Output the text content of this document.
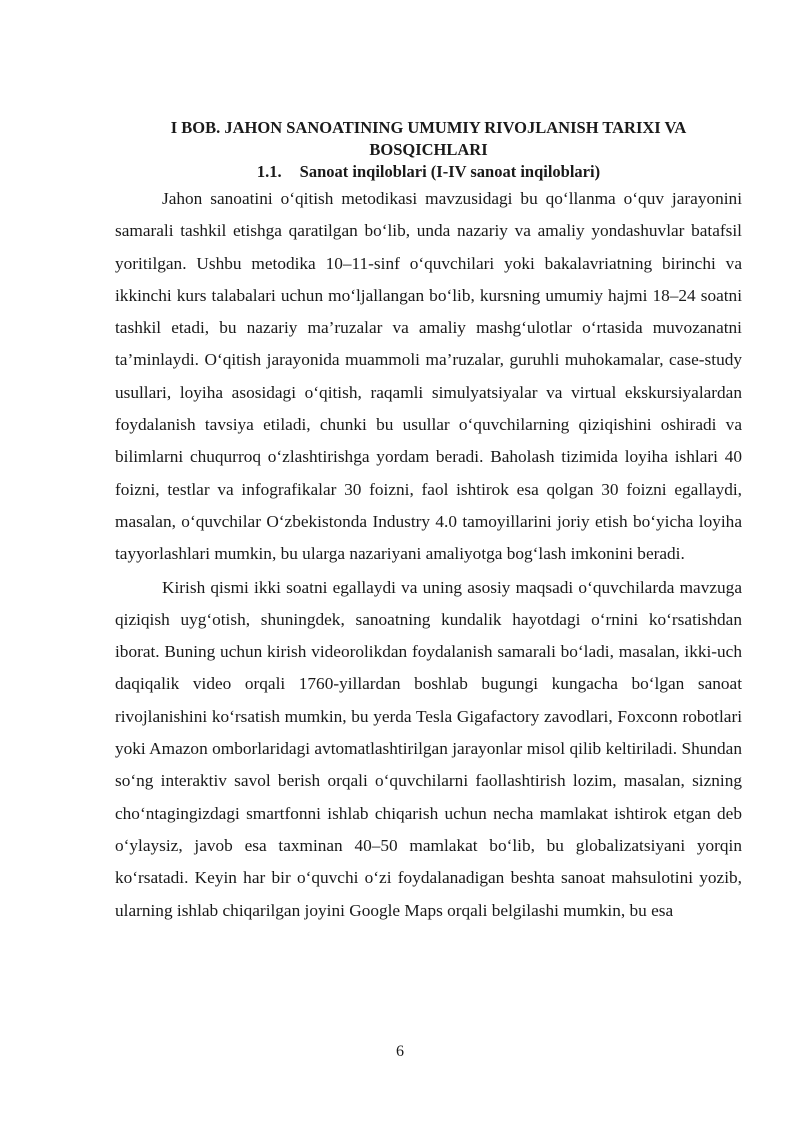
I BOB. JAHON SANOATINING UMUMIY RIVOJLANISH TARIXI VA BOSQICHLARI
1.1. Sanoat inqiloblari (I-IV sanoat inqiloblari)

Jahon sanoatini o‘qitish metodikasi mavzusidagi bu qo‘llanma o‘quv jarayonini samarali tashkil etishga qaratilgan bo‘lib, unda nazariy va amaliy yondashuvlar batafsil yoritilgan. Ushbu metodika 10–11-sinf o‘quvchilari yoki bakalavriatning birinchi va ikkinchi kurs talabalari uchun mo‘ljallangan bo‘lib, kursning umumiy hajmi 18–24 soatni tashkil etadi, bu nazariy ma’ruzalar va amaliy mashg‘ulotlar o‘rtasida muvozanatni ta’minlaydi. O‘qitish jarayonida muammoli ma’ruzalar, guruhli muhokamalar, case-study usullari, loyiha asosidagi o‘qitish, raqamli simulyatsiyalar va virtual ekskursiyalardan foydalanish tavsiya etiladi, chunki bu usullar o‘quvchilarning qiziqishini oshiradi va bilimlarni chuqurroq o‘zlashtirishga yordam beradi. Baholash tizimida loyiha ishlari 40 foizni, testlar va infografikalar 30 foizni, faol ishtirok esa qolgan 30 foizni egallaydi, masalan, o‘quvchilar O‘zbekistonda Industry 4.0 tamoyillarini joriy etish bo‘yicha loyiha tayyorlashlari mumkin, bu ularga nazariyani amaliyotga bog‘lash imkonini beradi.

Kirish qismi ikki soatni egallaydi va uning asosiy maqsadi o‘quvchilarda mavzuga qiziqish uyg‘otish, shuningdek, sanoatning kundalik hayotdagi o‘rnini ko‘rsatishdan iborat. Buning uchun kirish videorolikdan foydalanish samarali bo‘ladi, masalan, ikki-uch daqiqalik video orqali 1760-yillardan boshlab bugungi kungacha bo‘lgan sanoat rivojlanishini ko‘rsatish mumkin, bu yerda Tesla Gigafactory zavodlari, Foxconn robotlari yoki Amazon omborlaridagi avtomatlashtirilgan jarayonlar misol qilib keltiriladi. Shundan so‘ng interaktiv savol berish orqali o‘quvchilarni faollashtirish lozim, masalan, sizning cho‘ntagingizdagi smartfonni ishlab chiqarish uchun necha mamlakat ishtirok etgan deb o‘ylaysiz, javob esa taxminan 40–50 mamlakat bo‘lib, bu globalizatsiyani yorqin ko‘rsatadi. Keyin har bir o‘quvchi o‘zi foydalanadigan beshta sanoat mahsulotini yozib, ularning ishlab chiqarilgan joyini Google Maps orqali belgilashi mumkin, bu esa

6
